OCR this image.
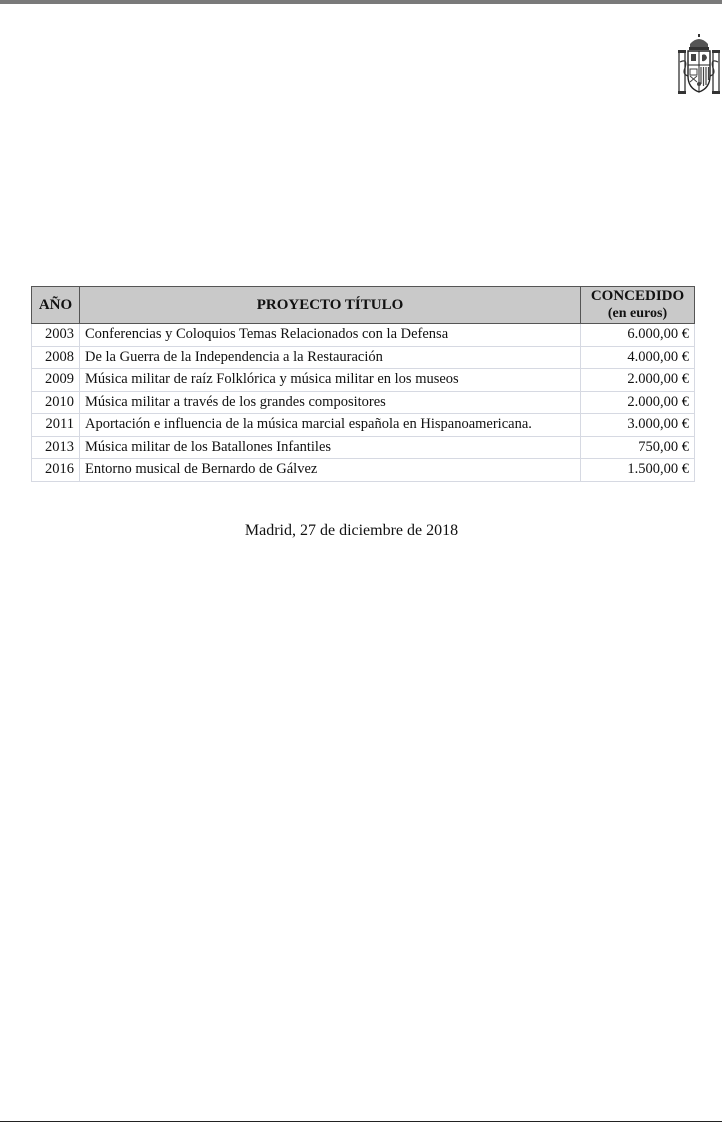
AÑO	PROYECTO TÍTULO	CONCEDIDO
(en euros)

2003	Conferencias y Coloquios Temas Relacionados con la Defensa	6.000,00 €
2008	De la Guerra de la Independencia a la Restauración	4.000,00 €
2009	Música militar de raíz Folklórica y música militar en los museos	2.000,00 €
2010	Música militar a través de los grandes compositores	2.000,00 €
2011	Aportación e influencia de la música marcial española en Hispanoamericana.	3.000,00 €
2013	Música militar de los Batallones Infantiles	750,00 €
2016	Entorno musical de Bernardo de Gálvez	1.500,00 €
Madrid, 27 de diciembre de 2018
